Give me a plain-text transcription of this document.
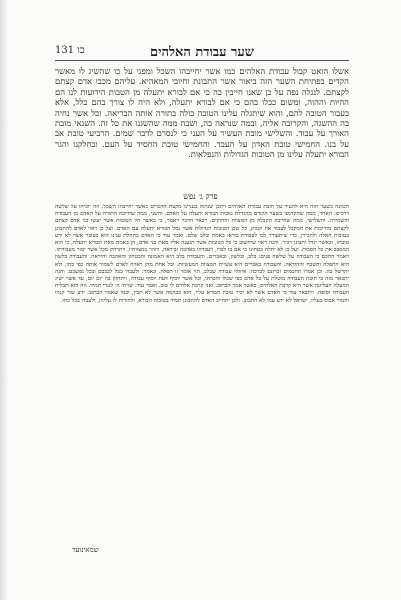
שער עבודת האלהים
כו 131
אשלו הואט קבול עבודת האלהים כמו אשר יחייבהו השכל ומפני על כו שהשיג לו מאשר הקדים בפתיחת השער הזה ביאור אשר התבונת וחיובי המאהיא. עליהם מכבו אדם קצתם לקצתם. לנגלה נפה על כן שאנו חייבין בה כי אם לבורא יתעלה מן הטבות הידועות לנו הם ההיות וההוה, ומשום ככלו בהם כי אם לבורא יתעלה, ולא היה לו צורך בהם כלל, אלא בעבור הטובה להם, והוא שיתגלה עלינו הטובה כולה בתורה אותה הבריאה. וכל אשר נחיה בה ההשגה, והקרובה אליה, ובמה שנראה בה, ושבה ממה שהשגנו את כל זה. השנאי מובת האורך על עבוד. והשלישי מובת העשיר על העני כי לנסרם לדבר שמים. הרביעי טובת אב על בנו. החמישי טובת האדון על העבד. והחמישי טובת החסיד על העם. ובחלקנו והגר הבורא יתעלה עלינו מן הטובות הגדולות והנפלאות.
פרק ג׳ נפש

הכוונה בשער הזה היא להעיר על חובת עבודת האלהים ויתכן שנרמז בעניינו מקצת הדברים כאשר יחייבהו השכל. וזה יוכיחו על שלשה דרכים: האחד, ממה שהקדמנו בשער הקודם מהגדלת טובות הבורא יתעלה על האדם. והשני, ממה שחייבה התורה על האדם מן העבודה והשמירה. והשלישי, ממה שחייבה הקבלה מן המצוות והחוקים. ויבאר הדבר ויאמר, כי כאשר היו הטובות אשר יעשו בני אדם קצתם לקצתם מחייבות את המקבל לעבוד את הנותן, כל שכן הטובות הגדולות אשר גמל הבורא יתעלה עם האדם. ועל כן ראוי לאדם להתבונן בטובות האלה ולהכירן, כדי שיתעורר לבו לעבודת בוראו באמת ובלב שלם. ואמר עוד כי האדם בתחלת ענינו הוא כעובר אשר לא ידע טובתו, וכאשר יגדל יתבונן ויכיר. והנה ראוי שיחשוב כי כל הטובות אשר תגענה אליו מאת בני אדם, הן באמת מאת הבורא יתעלה, כי הוא המסבב את כל הסבות. ועל כן לא יתלה בטחונו כי אם בו לבדו, ויעבדהו באהבה וביראה, ויזהר במצוותיו, ויתרחק מכל אשר יסור מעבודתו. ויאמר החכם כי העבודה על שלשה פנים: בלב, ובלשון, ובאברים. והעבודה בלב היא האמונה והבטחון והאהבה והיראה. והעבודה בלשון היא התפלה והשבח וההודאה. והעבודה באברים היא עשיית המצוות המעשיות. וכל אחת מהן ראויה לאדם לשמור אותה כפי כחו, ולא יתרשל בה. וכן אמרו החכמים זכרונם לברכה: איזוהי עבודה שבלב, הוי אומר זו תפלה. ונאמר: ולעבדו בכל לבבכם ובכל נפשכם. והנה יתבאר מזה כי חובת העבודה מוטלת על כל אדם כפי שכלו והכרתו, וכל אשר יוסיף דעת יוסיף עבודה, ויתחזק בה יום יום, עד אשר ישיג המעלה העליונה אשר היא קרבת האלהים, כאשר אמר הכתוב: ואני קרבת אלהים לי טוב. ואמר עוד: שויתי ה׳ לנגדי תמיד. וזה הוא תכלית העבודה וסופה. ויתבאר עוד כי האדם אשר לא יכיר טובת הבורא עליו, הוא כבהמה אשר לא תבין, וכמו שאמר הכתוב: ידע שור קנהו וחמור אבוס בעליו, ישראל לא ידע עמי לא התבונן. ולכן יתחייב האדם להתבונן תמיד בטובות הבורא, ולהודות לו עליהן, ולעבדו בכל כחו.

שמאינוער
